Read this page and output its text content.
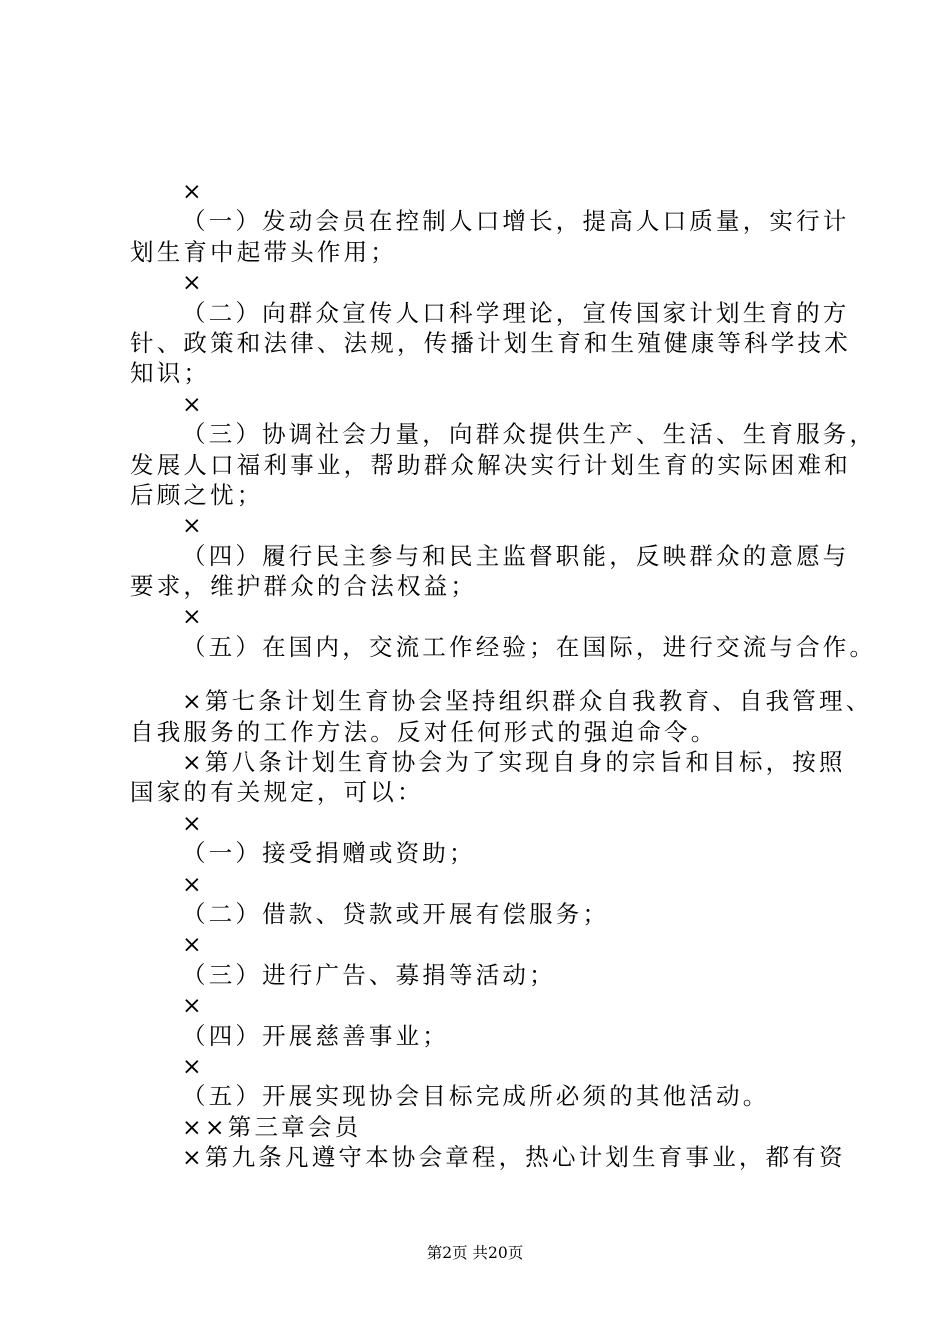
×
（一）发动会员在控制人口增长，提高人口质量，实行计
划生育中起带头作用；
×
（二）向群众宣传人口科学理论，宣传国家计划生育的方
针、政策和法律、法规，传播计划生育和生殖健康等科学技术
知识；
×
（三）协调社会力量，向群众提供生产、生活、生育服务，
发展人口福利事业，帮助群众解决实行计划生育的实际困难和
后顾之忧；
×
（四）履行民主参与和民主监督职能，反映群众的意愿与
要求，维护群众的合法权益；
×
（五）在国内，交流工作经验；在国际，进行交流与合作。
×第七条计划生育协会坚持组织群众自我教育、自我管理、
自我服务的工作方法。反对任何形式的强迫命令。
×第八条计划生育协会为了实现自身的宗旨和目标，按照
国家的有关规定，可以：
×
（一）接受捐赠或资助；
×
（二）借款、贷款或开展有偿服务；
×
（三）进行广告、募捐等活动；
×
（四）开展慈善事业；
×
（五）开展实现协会目标完成所必须的其他活动。
××第三章会员
×第九条凡遵守本协会章程，热心计划生育事业，都有资
第2页 共20页
